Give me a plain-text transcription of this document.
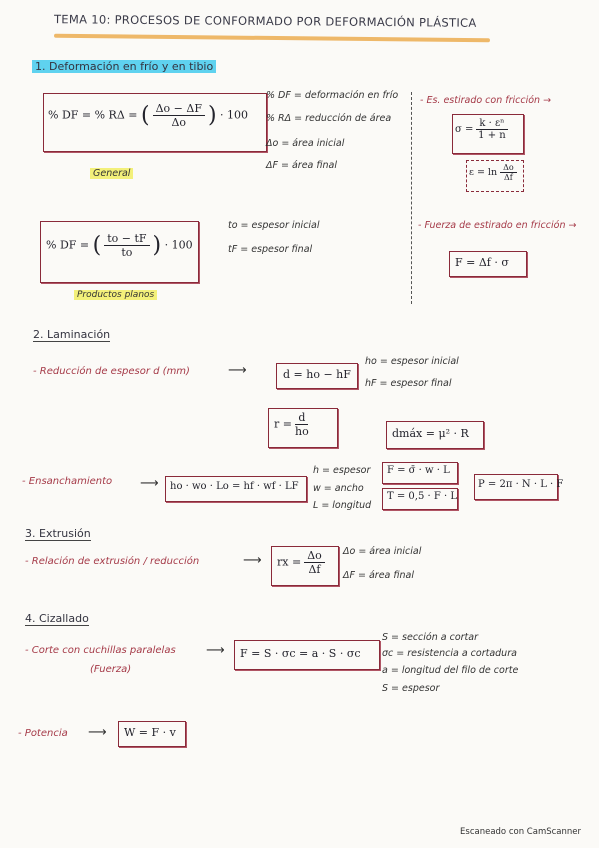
TEMA 10: PROCESOS DE CONFORMADO POR DEFORMACIÓN PLÁSTICA
1. Deformación en frío y en tibio
% DF = % RΔ = ( $\frac{\Delta o - \Delta F}{\Delta o}$ ) · 100
General
% DF = deformación en frío
% RΔ = reducción de área
Δo = área inicial
ΔF = área final
- Es. estirado con fricción →
$\sigma = \frac{\text{k · εⁿ}}{1 + n}$
$\varepsilon = \ln \frac{\Delta o}{\Delta f}$
% DF = ( $\frac{to - tF}{to}$ ) · 100
Productos planos
to = espesor inicial
tF = espesor final
- Fuerza de estirado en fricción →
F = Δf · σ
2. Laminación
- Reducción de espesor d (mm)	⟶	d = ho − hF
ho = espesor inicial
hF = espesor final
$r = \frac{d}{ho}$	dmáx = μ² · R
- Ensanchamiento ⟶ ho · wo · Lo = hf · wf · LF
h = espesor
w = ancho
L = longitud
F = σ̄ · w · L
T = 0,5 · F · L
P = 2π · N · L · F
3. Extrusión
- Relación de extrusión / reducción	⟶ rx = $\frac{\Delta o}{\Delta f}$ Δo = área inicial
ΔF = área final
4. Cizallado
- Corte con cuchillas paralelas
(Fuerza)
⟶ F = S · σc = a · S · σc
S = sección a cortar
σc = resistencia a cortadura
a = longitud del filo de corte
S = espesor
- Potencia ⟶ W = F · v
Escaneado con CamScanner
